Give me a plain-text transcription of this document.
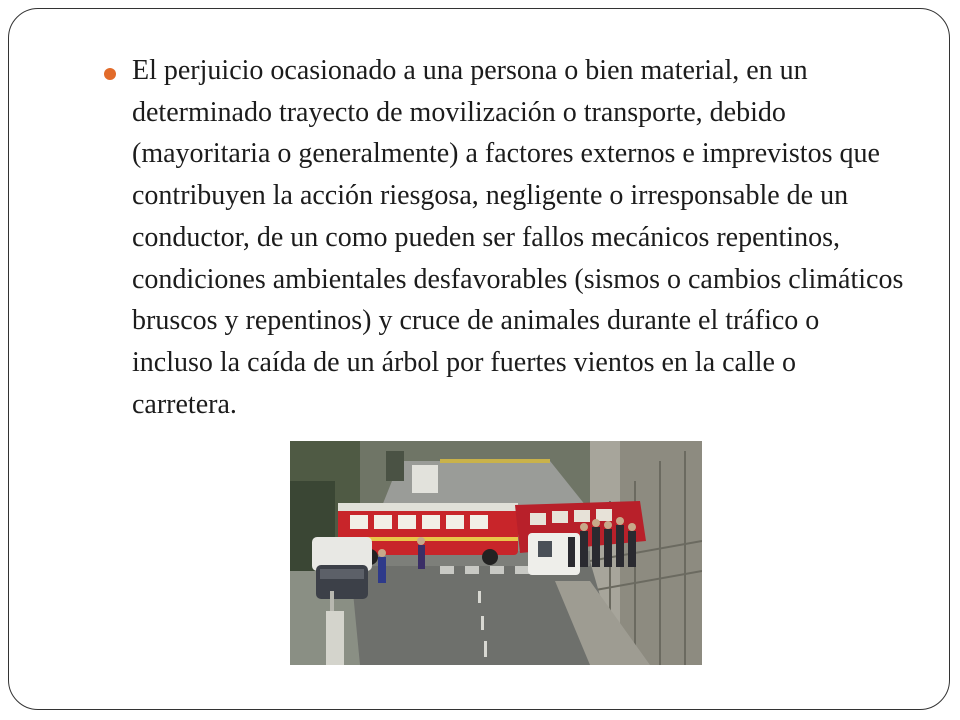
El perjuicio ocasionado a una persona o bien material, en un determinado trayecto de movilización o transporte, debido (mayoritaria o generalmente) a factores externos e imprevistos que contribuyen la acción riesgosa, negligente o irresponsable de un conductor, de un como pueden ser fallos mecánicos repentinos, condiciones ambientales desfavorables (sismos o cambios climáticos bruscos y repentinos) y cruce de animales durante el tráfico o incluso la caída de un árbol por fuertes vientos en la calle o carretera.
